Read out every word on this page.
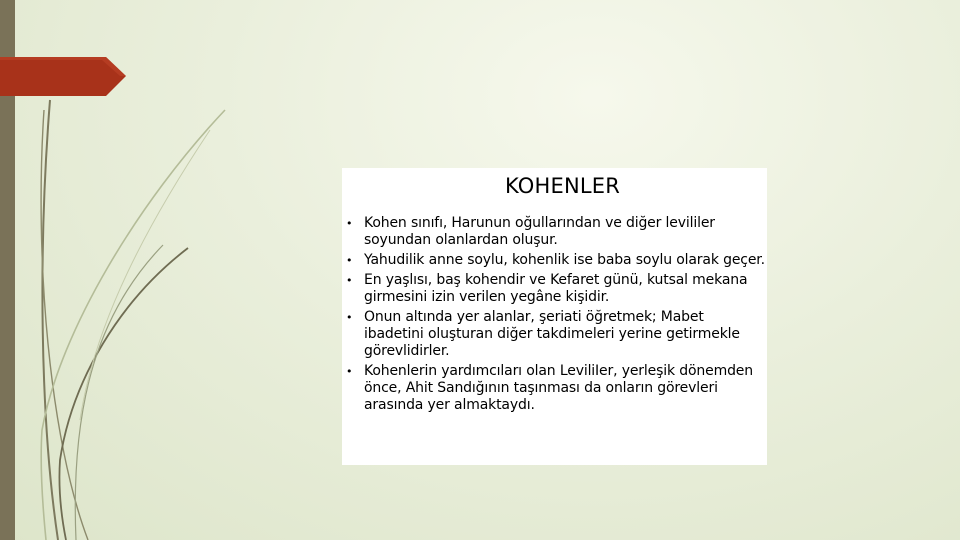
KOHENLER
• Kohen sınıfı, Harunun oğullarından ve diğer levililer soyundan olanlardan oluşur.
• Yahudilik anne soylu, kohenlik ise baba soylu olarak geçer.
• En yaşlısı, baş kohendir ve Kefaret günü, kutsal mekana girmesini izin verilen yegâne kişidir.
• Onun altında yer alanlar, şeriati öğretmek; Mabet ibadetini oluşturan diğer takdimeleri yerine getirmekle görevlidirler.
• Kohenlerin yardımcıları olan LeviliIer, yerleşik dönemden önce, Ahit Sandığının taşınması da onların görevleri arasında yer almaktaydı.
